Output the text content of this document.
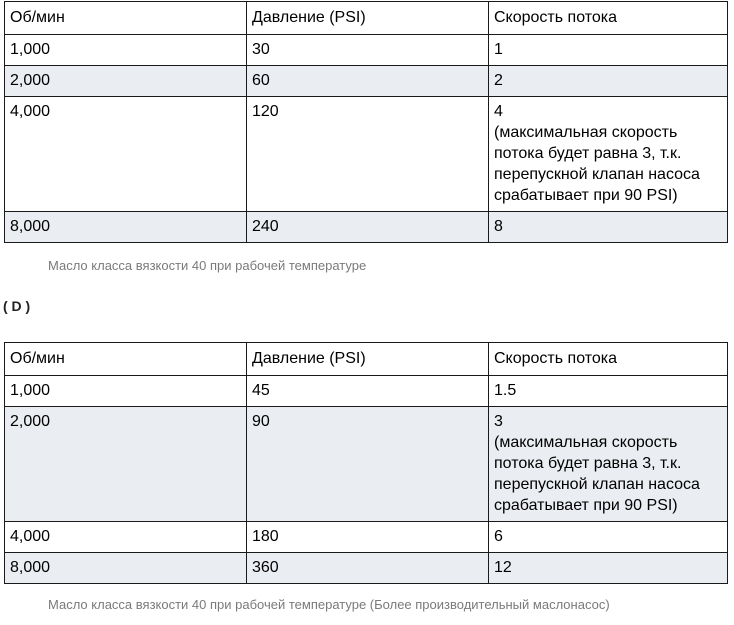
Об/мин	Давление (PSI)	Скорость потока
1,000	30	1
2,000	60	2
4,000	120	4
(максимальная скорость потока будет равна 3, т.к. перепускной клапан насоса срабатывает при 90 PSI)

8,000	240	8
Масло класса вязкости 40 при рабочей температуре
( D )
Об/мин	Давление (PSI)	Скорость потока
1,000	45	1.5
2,000	90	3
(максимальная скорость потока будет равна 3, т.к. перепускной клапан насоса срабатывает при 90 PSI)

4,000	180	6
8,000	360	12
Масло класса вязкости 40 при рабочей температуре (Более производительный маслонасос)
